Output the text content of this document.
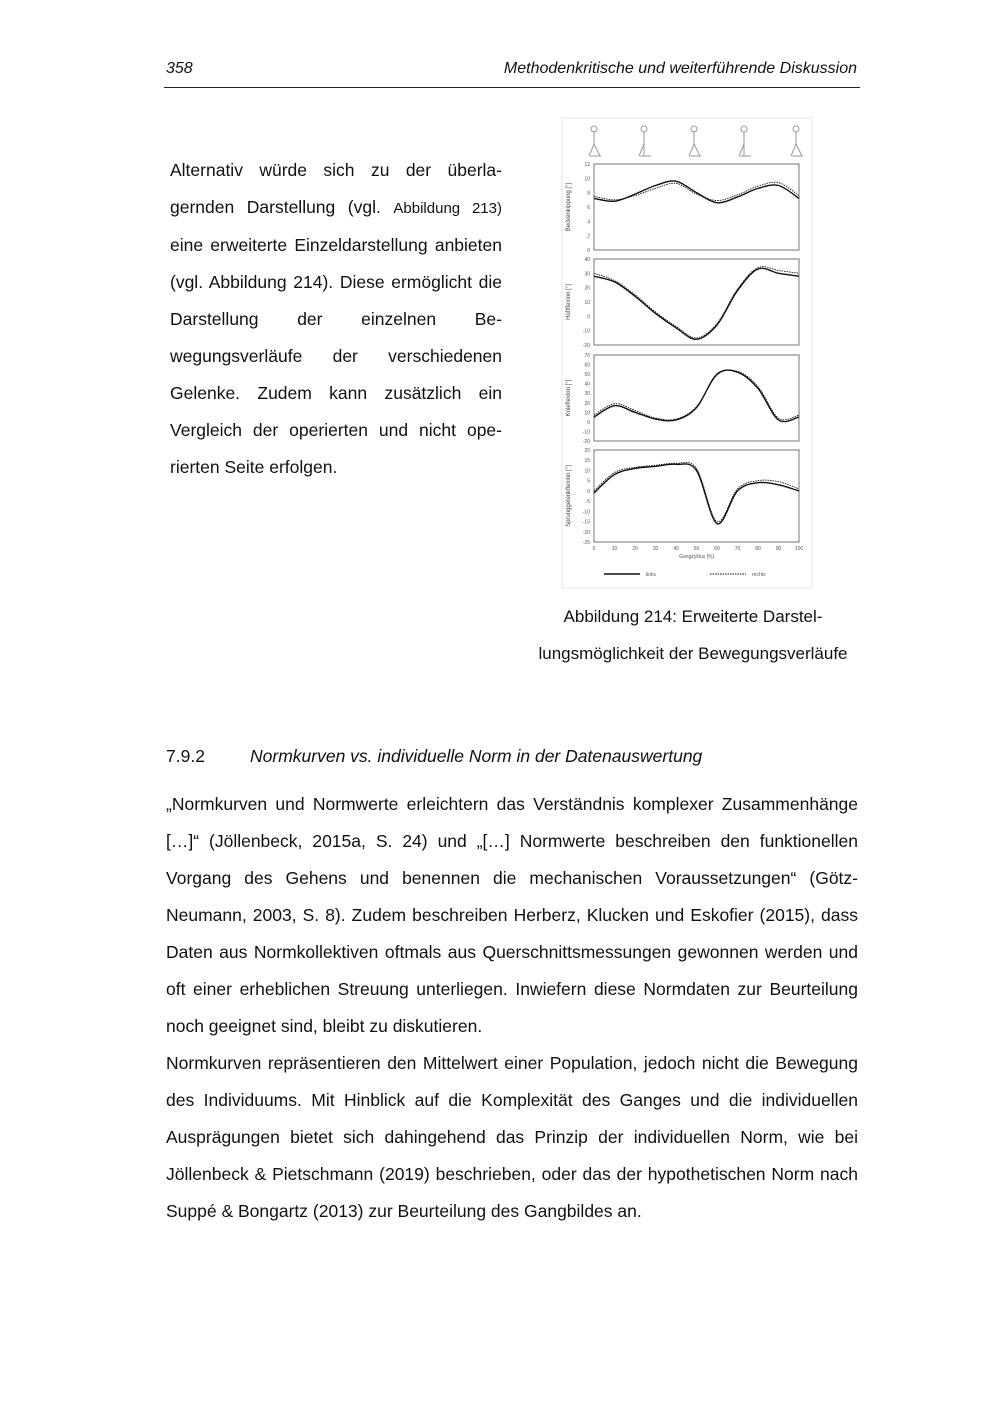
358	Methodenkritische und weiterführende Diskussion
Alternativ würde sich zu der überlagernden Darstellung (vgl. Abbildung 213) eine erweiterte Einzeldarstellung anbieten (vgl. Abbildung 214). Diese ermöglicht die Darstellung der einzelnen Bewegungsverläufe der verschiedenen Gelenke. Zudem kann zusätzlich ein Vergleich der operierten und nicht operierten Seite erfolgen.
12
10
8
6
4
2
0
Beckenkippung [°]
40
30
20
10
0
-10
-20
Hüftflexion [°]
70
60
50
40
30
20
10
0
-10
-20
Knieflexion [°]
20
15
10
5
0
-5
-10
-15
-20
-25
Sprunggelenkflexion [°]
0	10	20	30	40	50	60	70	80	90	100
Gangzyklus [%]
links	rechts
Abbildung 214: Erweiterte Darstellungsmöglichkeit der Bewegungsverläufe
7.9.2	Normkurven vs. individuelle Norm in der Datenauswertung

„Normkurven und Normwerte erleichtern das Verständnis komplexer Zusammenhänge […]“ (Jöllenbeck, 2015a, S. 24) und „[…] Normwerte beschreiben den funktionellen Vorgang des Gehens und benennen die mechanischen Voraussetzungen“ (Götz-Neumann, 2003, S. 8). Zudem beschreiben Herberz, Klucken und Eskofier (2015), dass Daten aus Normkollektiven oftmals aus Querschnittsmessungen gewonnen werden und oft einer erheblichen Streuung unterliegen. Inwiefern diese Normdaten zur Beurteilung noch geeignet sind, bleibt zu diskutieren.

Normkurven repräsentieren den Mittelwert einer Population, jedoch nicht die Bewegung des Individuums. Mit Hinblick auf die Komplexität des Ganges und die individuellen Ausprägungen bietet sich dahingehend das Prinzip der individuellen Norm, wie bei Jöllenbeck & Pietschmann (2019) beschrieben, oder das der hypothetischen Norm nach Suppé & Bongartz (2013) zur Beurteilung des Gangbildes an.
